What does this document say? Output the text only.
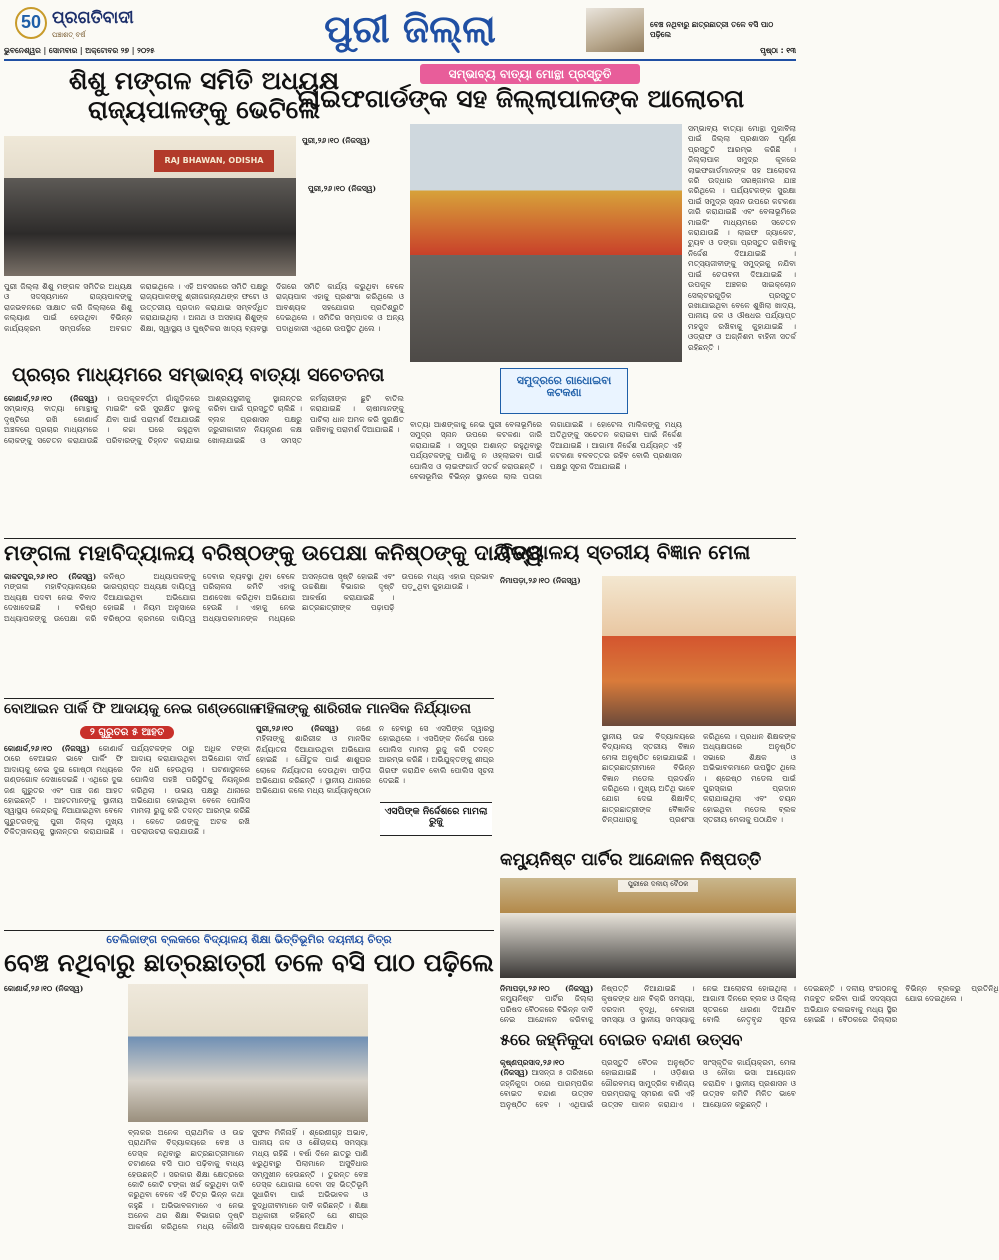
50 ପ୍ରଗତିବାଦୀ
ପଞ୍ଚାଶତ୍ ବର୍ଷ
ଭୁବନେଶ୍ୱର | ସୋମବାର | ଅକ୍ଟୋବର ୨୭ | ୨୦୨୫	ପୁରୀ ଜିଲ୍ଲା	ବେଞ୍ଚ ନଥିବାରୁ ଛାତ୍ରଛାତ୍ରୀ ତଳେ ବସି ପାଠ ପଢ଼ିଲେ
ପୃଷ୍ଠା : ୧୩
ଶିଶୁ ମଙ୍ଗଳ ସମିତି ଅଧ୍ୟକ୍ଷ
ରାଜ୍ୟପାଳଙ୍କୁ ଭେଟିଲେ
RAJ BHAWAN, ODISHA
ପୁରୀ,୨୬।୧୦ (ନିଜସ୍ୱ)
ପୁରୀ ଜିଲ୍ଲା ଶିଶୁ ମଙ୍ଗଳ ସମିତିର ଅଧ୍ୟକ୍ଷ ଓ ସଦସ୍ୟମାନେ ରାଜ୍ୟପାଳଙ୍କୁ ରାଜଭବନରେ ସାକ୍ଷାତ କରି ଜିଲ୍ଲାରେ ଶିଶୁ କଲ୍ୟାଣ ପାଇଁ ହେଉଥିବା ବିଭିନ୍ନ କାର୍ଯ୍ୟକ୍ରମ ସମ୍ପର୍କରେ ଅବଗତ କରାଇଥିଲେ । ଏହି ଅବସରରେ ସମିତି ପକ୍ଷରୁ ରାଜ୍ୟପାଳଙ୍କୁ ଶ୍ରୀଜଗନ୍ନାଥଙ୍କ ଫଟୋ ଓ ଉତ୍ତରୀୟ ପ୍ରଦାନ କରାଯାଇ ସମ୍ବର୍ଦ୍ଧିତ କରାଯାଇଥିଲା । ଅନାଥ ଓ ଅସହାୟ ଶିଶୁଙ୍କ ଶିକ୍ଷା, ସ୍ୱାସ୍ଥ୍ୟ ଓ ପୁଷ୍ଟିକର ଖାଦ୍ୟ ବ୍ୟବସ୍ଥା ଦିଗରେ ସମିତି କାର୍ଯ୍ୟ କରୁଥିବା ବେଳେ ରାଜ୍ୟପାଳ ଏହାକୁ ପ୍ରଶଂସା କରିଥିଲେ ଓ ଆବଶ୍ୟକ ସହଯୋଗର ପ୍ରତିଶ୍ରୁତି ଦେଇଥିଲେ । ସମିତିର ସମ୍ପାଦକ ଓ ଅନ୍ୟ ପଦାଧିକାରୀ ଏଥିରେ ଉପସ୍ଥିତ ଥିଲେ ।
ସମ୍ଭାବ୍ୟ ବାତ୍ୟା ମୋନ୍ଥା ପ୍ରସ୍ତୁତି
ଲାଇଫଗାର୍ଡଙ୍କ ସହ ଜିଲ୍ଲାପାଳଙ୍କ ଆଲୋଚନା
ସମ୍ଭାବ୍ୟ ବାତ୍ୟା ମୋନ୍ଥା ମୁକାବିଲା ପାଇଁ ଜିଲ୍ଲା ପ୍ରଶାସନ ପୂର୍ଣ୍ଣ ପ୍ରସ୍ତୁତି ଆରମ୍ଭ କରିଛି । ଜିଲ୍ଲାପାଳ ସମୁଦ୍ର କୂଳରେ ଲାଇଫଗାର୍ଡମାନଙ୍କ ସହ ଆଲୋଚନା କରି ଉଦ୍ଧାର ସରଞ୍ଜାମର ଯାଞ୍ଚ କରିଥିଲେ । ପର୍ଯ୍ୟଟକଙ୍କ ସୁରକ୍ଷା ପାଇଁ ସମୁଦ୍ର ସ୍ନାନ ଉପରେ କଟକଣା ଜାରି କରାଯାଇଛି ଏବଂ ବେଳାଭୂମିରେ ମାଇକିଂ ମାଧ୍ୟମରେ ସଚେତନ କରାଯାଉଛି । ଲାଇଫ ଜ୍ୟାକେଟ, ଟ୍ୟୁବ ଓ ଡଙ୍ଗା ପ୍ରସ୍ତୁତ ରଖିବାକୁ ନିର୍ଦ୍ଦେଶ ଦିଆଯାଇଛି । ମତ୍ସ୍ୟଜୀବୀଙ୍କୁ ସମୁଦ୍ରକୁ ନଯିବା ପାଇଁ ଚେତାବନୀ ଦିଆଯାଇଛି । ଉପକୂଳ ଅଞ୍ଚଳର ସାଇକ୍ଲୋନ ସେଲ୍ଟରଗୁଡ଼ିକ ପ୍ରସ୍ତୁତ ରଖାଯାଇଥିବା ବେଳେ ଶୁଖିଲା ଖାଦ୍ୟ, ପାନୀୟ ଜଳ ଓ ଔଷଧର ପର୍ଯ୍ୟାପ୍ତ ମହଜୁଦ ରଖିବାକୁ କୁହାଯାଇଛି । ଓଡ୍ରାଫ ଓ ଅଗ୍ନିଶମ ବାହିନୀ ସତର୍କ ରହିଛନ୍ତି ।
ସମୁଦ୍ରରେ ଗାଧୋଇବା କଟକଣା
ବାତ୍ୟା ଆଶଙ୍କାକୁ ନେଇ ପୁରୀ ବେଳାଭୂମିରେ ସମୁଦ୍ର ସ୍ନାନ ଉପରେ କଟକଣା ଜାରି କରାଯାଇଛି । ସମୁଦ୍ର ଅଶାନ୍ତ ରହୁଥିବାରୁ ପର୍ଯ୍ୟଟକଙ୍କୁ ପାଣିକୁ ନ ଓହ୍ଲାଇବା ପାଇଁ ପୋଲିସ ଓ ଲାଇଫଗାର୍ଡ ସତର୍କ କରାଉଛନ୍ତି । ବେଳାଭୂମିର ବିଭିନ୍ନ ସ୍ଥାନରେ ଲାଲ ପତାକା ଲଗାଯାଇଛି । ହୋଟେଲ ମାଲିକଙ୍କୁ ମଧ୍ୟ ଅତିଥିଙ୍କୁ ସଚେତନ କରାଇବା ପାଇଁ ନିର୍ଦ୍ଦେଶ ଦିଆଯାଇଛି । ଆଗାମୀ ନିର୍ଦ୍ଦେଶ ପର୍ଯ୍ୟନ୍ତ ଏହି କଟକଣା ବଳବତ୍ତର ରହିବ ବୋଲି ପ୍ରଶାସନ ପକ୍ଷରୁ ସୂଚନା ଦିଆଯାଇଛି ।
ପୁରୀ,୨୬।୧୦ (ନିଜସ୍ୱ)
ପ୍ରଚାର ମାଧ୍ୟମରେ ସମ୍ଭାବ୍ୟ ବାତ୍ୟା ସଚେତନତା
କୋଣାର୍କ,୨୬।୧୦ (ନିଜସ୍ୱ) ସମ୍ଭାବ୍ୟ ବାତ୍ୟା ମୋନ୍ଥାକୁ ଦୃଷ୍ଟିରେ ରଖି କୋଣାର୍କ ଅଞ୍ଚଳରେ ପ୍ରଚାର ମାଧ୍ୟମରେ ଲୋକଙ୍କୁ ସଚେତନ କରାଯାଉଛି । ଉପକୂଳବର୍ତ୍ତୀ ଗାଁଗୁଡ଼ିକରେ ମାଇକିଂ କରି ସୁରକ୍ଷିତ ସ୍ଥାନକୁ ଯିବା ପାଇଁ ପରାମର୍ଶ ଦିଆଯାଉଛି । କଚ୍ଚା ଘରେ ରହୁଥିବା ପରିବାରଙ୍କୁ ଚିହ୍ନଟ କରାଯାଇ ଆଶ୍ରୟସ୍ଥଳୀକୁ ସ୍ଥାନାନ୍ତର କରିବା ପାଇଁ ପ୍ରସ୍ତୁତି ଚାଲିଛି । ବ୍ଲକ ପ୍ରଶାସନ ପକ୍ଷରୁ ଜରୁରୀକାଳୀନ ନିୟନ୍ତ୍ରଣ କକ୍ଷ ଖୋଲାଯାଇଛି ଓ ସମସ୍ତ କର୍ମଚାରୀଙ୍କ ଛୁଟି ବାତିଲ କରାଯାଇଛି । ଚାଷୀମାନଙ୍କୁ ପାଚିଲା ଧାନ ଅମଳ କରି ସୁରକ୍ଷିତ ରଖିବାକୁ ପରାମର୍ଶ ଦିଆଯାଇଛି ।
ମଙ୍ଗଳା ମହାବିଦ୍ୟାଳୟ ବରିଷ୍ଠଙ୍କୁ ଉପେକ୍ଷା କନିଷ୍ଠଙ୍କୁ ଦାୟିତ୍ୱ
କାକଟପୁର,୨୬।୧୦ (ନିଜସ୍ୱ) ମଙ୍ଗଳା ମହାବିଦ୍ୟାଳୟରେ ଅଧ୍ୟକ୍ଷ ପଦବୀ ନେଇ ବିବାଦ ଦେଖାଦେଇଛି । ବରିଷ୍ଠ ଅଧ୍ୟାପକଙ୍କୁ ଉପେକ୍ଷା କରି କନିଷ୍ଠ ଅଧ୍ୟାପକଙ୍କୁ ଭାରପ୍ରାପ୍ତ ଅଧ୍ୟକ୍ଷ ଦାୟିତ୍ୱ ଦିଆଯାଇଥିବା ଅଭିଯୋଗ ହୋଇଛି । ନିୟମ ଅନୁସାରେ ବରିଷ୍ଠତା କ୍ରମରେ ଦାୟିତ୍ୱ ଦେବାର ବ୍ୟବସ୍ଥା ଥିବା ବେଳେ ପରିଚାଳନା କମିଟି ଏହାକୁ ଅଣଦେଖା କରିଥିବା ଅଭିଯୋଗ ହେଉଛି । ଏହାକୁ ନେଇ ଅଧ୍ୟାପକମାନଙ୍କ ମଧ୍ୟରେ ଅସନ୍ତୋଷ ସୃଷ୍ଟି ହୋଇଛି ଏବଂ ଉଚ୍ଚଶିକ୍ଷା ବିଭାଗର ଦୃଷ୍ଟି ଆକର୍ଷଣ କରାଯାଇଛି । ଛାତ୍ରଛାତ୍ରୀଙ୍କ ପଢ଼ାପଢ଼ି ଉପରେ ମଧ୍ୟ ଏହାର ପ୍ରଭାବ ପଡ଼ୁଥିବା କୁହାଯାଉଛି ।
ବିଦ୍ୟାଳୟ ସ୍ତରୀୟ ବିଜ୍ଞାନ ମେଳା
ନିମାପଡ଼ା,୨୬।୧୦ (ନିଜସ୍ୱ)
ସ୍ଥାନୀୟ ଉଚ୍ଚ ବିଦ୍ୟାଳୟରେ ବିଦ୍ୟାଳୟ ସ୍ତରୀୟ ବିଜ୍ଞାନ ମେଳା ଅନୁଷ୍ଠିତ ହୋଇଯାଇଛି । ଛାତ୍ରଛାତ୍ରୀମାନେ ବିଭିନ୍ନ ବିଜ୍ଞାନ ମଡେଲ ପ୍ରଦର୍ଶନ କରିଥିଲେ । ମୁଖ୍ୟ ଅତିଥି ଭାବେ ଯୋଗ ଦେଇ ଶିକ୍ଷାବିତ୍ ଛାତ୍ରଛାତ୍ରୀଙ୍କ ବୈଜ୍ଞାନିକ ଚିନ୍ତାଧାରାକୁ ପ୍ରଶଂସା କରିଥିଲେ । ପ୍ରଧାନ ଶିକ୍ଷକଙ୍କ ଅଧ୍ୟକ୍ଷତାରେ ଅନୁଷ୍ଠିତ ସଭାରେ ଶିକ୍ଷକ ଓ ଅଭିଭାବକମାନେ ଉପସ୍ଥିତ ଥିଲେ । ଶ୍ରେଷ୍ଠ ମଡେଲ ପାଇଁ ପୁରସ୍କାର ପ୍ରଦାନ କରାଯାଇଥିଲା ଏବଂ ଚୟନ ହୋଇଥିବା ମଡେଲ ବ୍ଲକ ସ୍ତରୀୟ ମେଳାକୁ ପଠାଯିବ ।
ବୋଆଇନ ପାର୍କି ଫି ଆଦାୟକୁ ନେଇ ଗଣ୍ଡଗୋଳ
୨ ଗୁରୁତର ୫ ଆହତ
କୋଣାର୍କ,୨୬।୧୦ (ନିଜସ୍ୱ) କୋଣାର୍କ ଠାରେ ବେଆଇନ ଭାବେ ପାର୍କିଂ ଫି ଆଦାୟକୁ ନେଇ ଦୁଇ ଗୋଷ୍ଠୀ ମଧ୍ୟରେ ଗଣ୍ଡଗୋଳ ଦେଖାଦେଇଛି । ଏଥିରେ ଦୁଇ ଜଣ ଗୁରୁତର ଏବଂ ପାଞ୍ଚ ଜଣ ଆହତ ହୋଇଛନ୍ତି । ଆହତମାନଙ୍କୁ ସ୍ଥାନୀୟ ସ୍ୱାସ୍ଥ୍ୟ କେନ୍ଦ୍ରକୁ ନିଆଯାଇଥିବା ବେଳେ ଗୁରୁତରଙ୍କୁ ପୁରୀ ଜିଲ୍ଲା ମୁଖ୍ୟ ଚିକିତ୍ସାଳୟକୁ ସ୍ଥାନାନ୍ତର କରାଯାଇଛି । ପର୍ଯ୍ୟଟକଙ୍କ ଠାରୁ ଅଧିକ ଟଙ୍କା ଆଦାୟ କରାଯାଉଥିବା ଅଭିଯୋଗ ଦୀର୍ଘ ଦିନ ଧରି ହେଉଥିଲା । ଘଟଣାସ୍ଥଳରେ ପୋଲିସ ପହଞ୍ଚି ପରିସ୍ଥିତିକୁ ନିୟନ୍ତ୍ରଣ କରିଥିଲା । ଉଭୟ ପକ୍ଷରୁ ଥାନାରେ ଅଭିଯୋଗ ହୋଇଥିବା ବେଳେ ପୋଲିସ ମାମଲା ରୁଜୁ କରି ତଦନ୍ତ ଆରମ୍ଭ କରିଛି । କେତେ ଜଣଙ୍କୁ ଅଟକ ରଖି ପଚରାଉଚରା କରାଯାଉଛି ।
ମହିଳାଙ୍କୁ ଶାରିରୀକ ମାନସିକ ନିର୍ଯ୍ୟାତନା
ପୁରୀ,୨୬।୧୦ (ନିଜସ୍ୱ) ଜଣେ ମହିଳାଙ୍କୁ ଶାରିରୀକ ଓ ମାନସିକ ନିର୍ଯ୍ୟାତନା ଦିଆଯାଉଥିବା ଅଭିଯୋଗ ହୋଇଛି । ଯୌତୁକ ପାଇଁ ଶାଶୁଘର ଲୋକେ ନିର୍ଯ୍ୟାତନା ଦେଉଥିବା ପୀଡ଼ିତା ଅଭିଯୋଗ କରିଛନ୍ତି । ସ୍ଥାନୀୟ ଥାନାରେ ଅଭିଯୋଗ କଲେ ମଧ୍ୟ କାର୍ଯ୍ୟାନୁଷ୍ଠାନ ନ ହେବାରୁ ସେ ଏସପିଙ୍କ ଦ୍ୱାରସ୍ଥ ହୋଇଥିଲେ । ଏସପିଙ୍କ ନିର୍ଦ୍ଦେଶ ପରେ ପୋଲିସ ମାମଲା ରୁଜୁ କରି ତଦନ୍ତ ଆରମ୍ଭ କରିଛି । ଅଭିଯୁକ୍ତଙ୍କୁ ଶୀଘ୍ର ଗିରଫ କରାଯିବ ବୋଲି ପୋଲିସ ସୂଚନା ଦେଇଛି ।
ଏସପିଙ୍କ ନିର୍ଦ୍ଦେଶରେ ମାମଲା ରୁଜୁ
କମ୍ୟୁନିଷ୍ଟ ପାର୍ଟିର ଆନ୍ଦୋଳନ ନିଷ୍ପତ୍ତି
ପୁରୀରେ ଦଳୀୟ ବୈଠକ
ନିମାପଡ଼ା,୨୬।୧୦ (ନିଜସ୍ୱ) କମ୍ୟୁନିଷ୍ଟ ପାର୍ଟିର ଜିଲ୍ଲା ପରିଷଦ ବୈଠକରେ ବିଭିନ୍ନ ଦାବି ନେଇ ଆନ୍ଦୋଳନ କରିବାକୁ ନିଷ୍ପତ୍ତି ନିଆଯାଇଛି । କୃଷକଙ୍କ ଧାନ ବିକ୍ରି ସମସ୍ୟା, ଦରଦାମ ବୃଦ୍ଧି, ବେକାରୀ ସମସ୍ୟା ଓ ସ୍ଥାନୀୟ ସମସ୍ୟାକୁ ନେଇ ଆଲୋଚନା ହୋଇଥିଲା । ଆଗାମୀ ଦିନରେ ବ୍ଲକ ଓ ଜିଲ୍ଲା ସ୍ତରରେ ଧାରଣା ଦିଆଯିବ ବୋଲି ନେତୃବୃନ୍ଦ ସୂଚନା ଦେଇଛନ୍ତି । ଦଳୀୟ ସଂଗଠନକୁ ମଜବୁତ କରିବା ପାଇଁ ସଦସ୍ୟତା ଅଭିଯାନ ଚଳାଇବାକୁ ମଧ୍ୟ ସ୍ଥିର ହୋଇଛି । ବୈଠକରେ ଜିଲ୍ଲାର ବିଭିନ୍ନ ବ୍ଲକରୁ ପ୍ରତିନିଧି ଯୋଗ ଦେଇଥିଲେ ।
ତେଲିଜାଙ୍ଗ ବ୍ଲକରେ ବିଦ୍ୟାଳୟ ଶିକ୍ଷା ଭିତ୍ତିଭୂମିର ଦୟନୀୟ ଚିତ୍ର
ବେଞ୍ଚ ନଥିବାରୁ ଛାତ୍ରଛାତ୍ରୀ ତଳେ ବସି ପାଠ ପଢ଼ିଲେ
କୋଣାର୍କ,୨୬।୧୦ (ନିଜସ୍ୱ)
ବ୍ଲକର ଅନେକ ପ୍ରାଥମିକ ଓ ଉଚ୍ଚ ପ୍ରାଥମିକ ବିଦ୍ୟାଳୟରେ ବେଞ୍ଚ ଓ ଡେସ୍କ ନଥିବାରୁ ଛାତ୍ରଛାତ୍ରୀମାନେ ଚଟାଣରେ ବସି ପାଠ ପଢ଼ିବାକୁ ବାଧ୍ୟ ହେଉଛନ୍ତି । ସରକାର ଶିକ୍ଷା କ୍ଷେତ୍ରରେ କୋଟି କୋଟି ଟଙ୍କା ଖର୍ଚ୍ଚ କରୁଥିବା ଦାବି କରୁଥିବା ବେଳେ ଏହି ଚିତ୍ର ଭିନ୍ନ କଥା କହୁଛି । ଅଭିଭାବକମାନେ ଏ ନେଇ ଅନେକ ଥର ଶିକ୍ଷା ବିଭାଗର ଦୃଷ୍ଟି ଆକର୍ଷଣ କରିଥିଲେ ମଧ୍ୟ କୌଣସି ସୁଫଳ ମିଳିନାହିଁ । ଶ୍ରେଣୀଗୃହ ଅଭାବ, ପାନୀୟ ଜଳ ଓ ଶୌଚାଳୟ ସମସ୍ୟା ମଧ୍ୟ ରହିଛି । ବର୍ଷା ଦିନେ ଛାତରୁ ପାଣି ଝରୁଥିବାରୁ ପିଲାମାନେ ଅସୁବିଧାର ସମ୍ମୁଖୀନ ହେଉଛନ୍ତି । ତୁରନ୍ତ ବେଞ୍ଚ ଡେସ୍କ ଯୋଗାଇ ଦେବା ସହ ଭିତ୍ତିଭୂମି ସୁଧାରିବା ପାଇଁ ଅଭିଭାବକ ଓ ବୁଦ୍ଧିଜୀବୀମାନେ ଦାବି କରିଛନ୍ତି । ଶିକ୍ଷା ଅଧିକାରୀ କହିଛନ୍ତି ଯେ ଶୀଘ୍ର ଆବଶ୍ୟକ ପଦକ୍ଷେପ ନିଆଯିବ ।
୫ରେ ଜହ୍ନିକୁଦା ବୋଇତ ବନ୍ଦାଣ ଉତ୍ସବ
କୃଷ୍ଣପ୍ରସାଦ,୨୬।୧୦ (ନିଜସ୍ୱ) ଆସନ୍ତା ୫ ତାରିଖରେ ଜହ୍ନିକୁଦା ଠାରେ ପାରମ୍ପରିକ ବୋଇତ ବନ୍ଦାଣ ଉତ୍ସବ ଅନୁଷ୍ଠିତ ହେବ । ଏଥିପାଇଁ ପ୍ରସ୍ତୁତି ବୈଠକ ଅନୁଷ୍ଠିତ ହୋଇଯାଇଛି । ଓଡ଼ିଶାର ଗୌରବମୟ ସାମୁଦ୍ରିକ ବାଣିଜ୍ୟ ପରମ୍ପରାକୁ ସ୍ମରଣ କରି ଏହି ଉତ୍ସବ ପାଳନ କରାଯାଏ । ସାଂସ୍କୃତିକ କାର୍ଯ୍ୟକ୍ରମ, ମେଳା ଓ ନୌକା ଭସା ଆୟୋଜନ କରାଯିବ । ସ୍ଥାନୀୟ ପ୍ରଶାସନ ଓ ଉତ୍ସବ କମିଟି ମିଳିତ ଭାବେ ଆୟୋଜନ କରୁଛନ୍ତି ।
